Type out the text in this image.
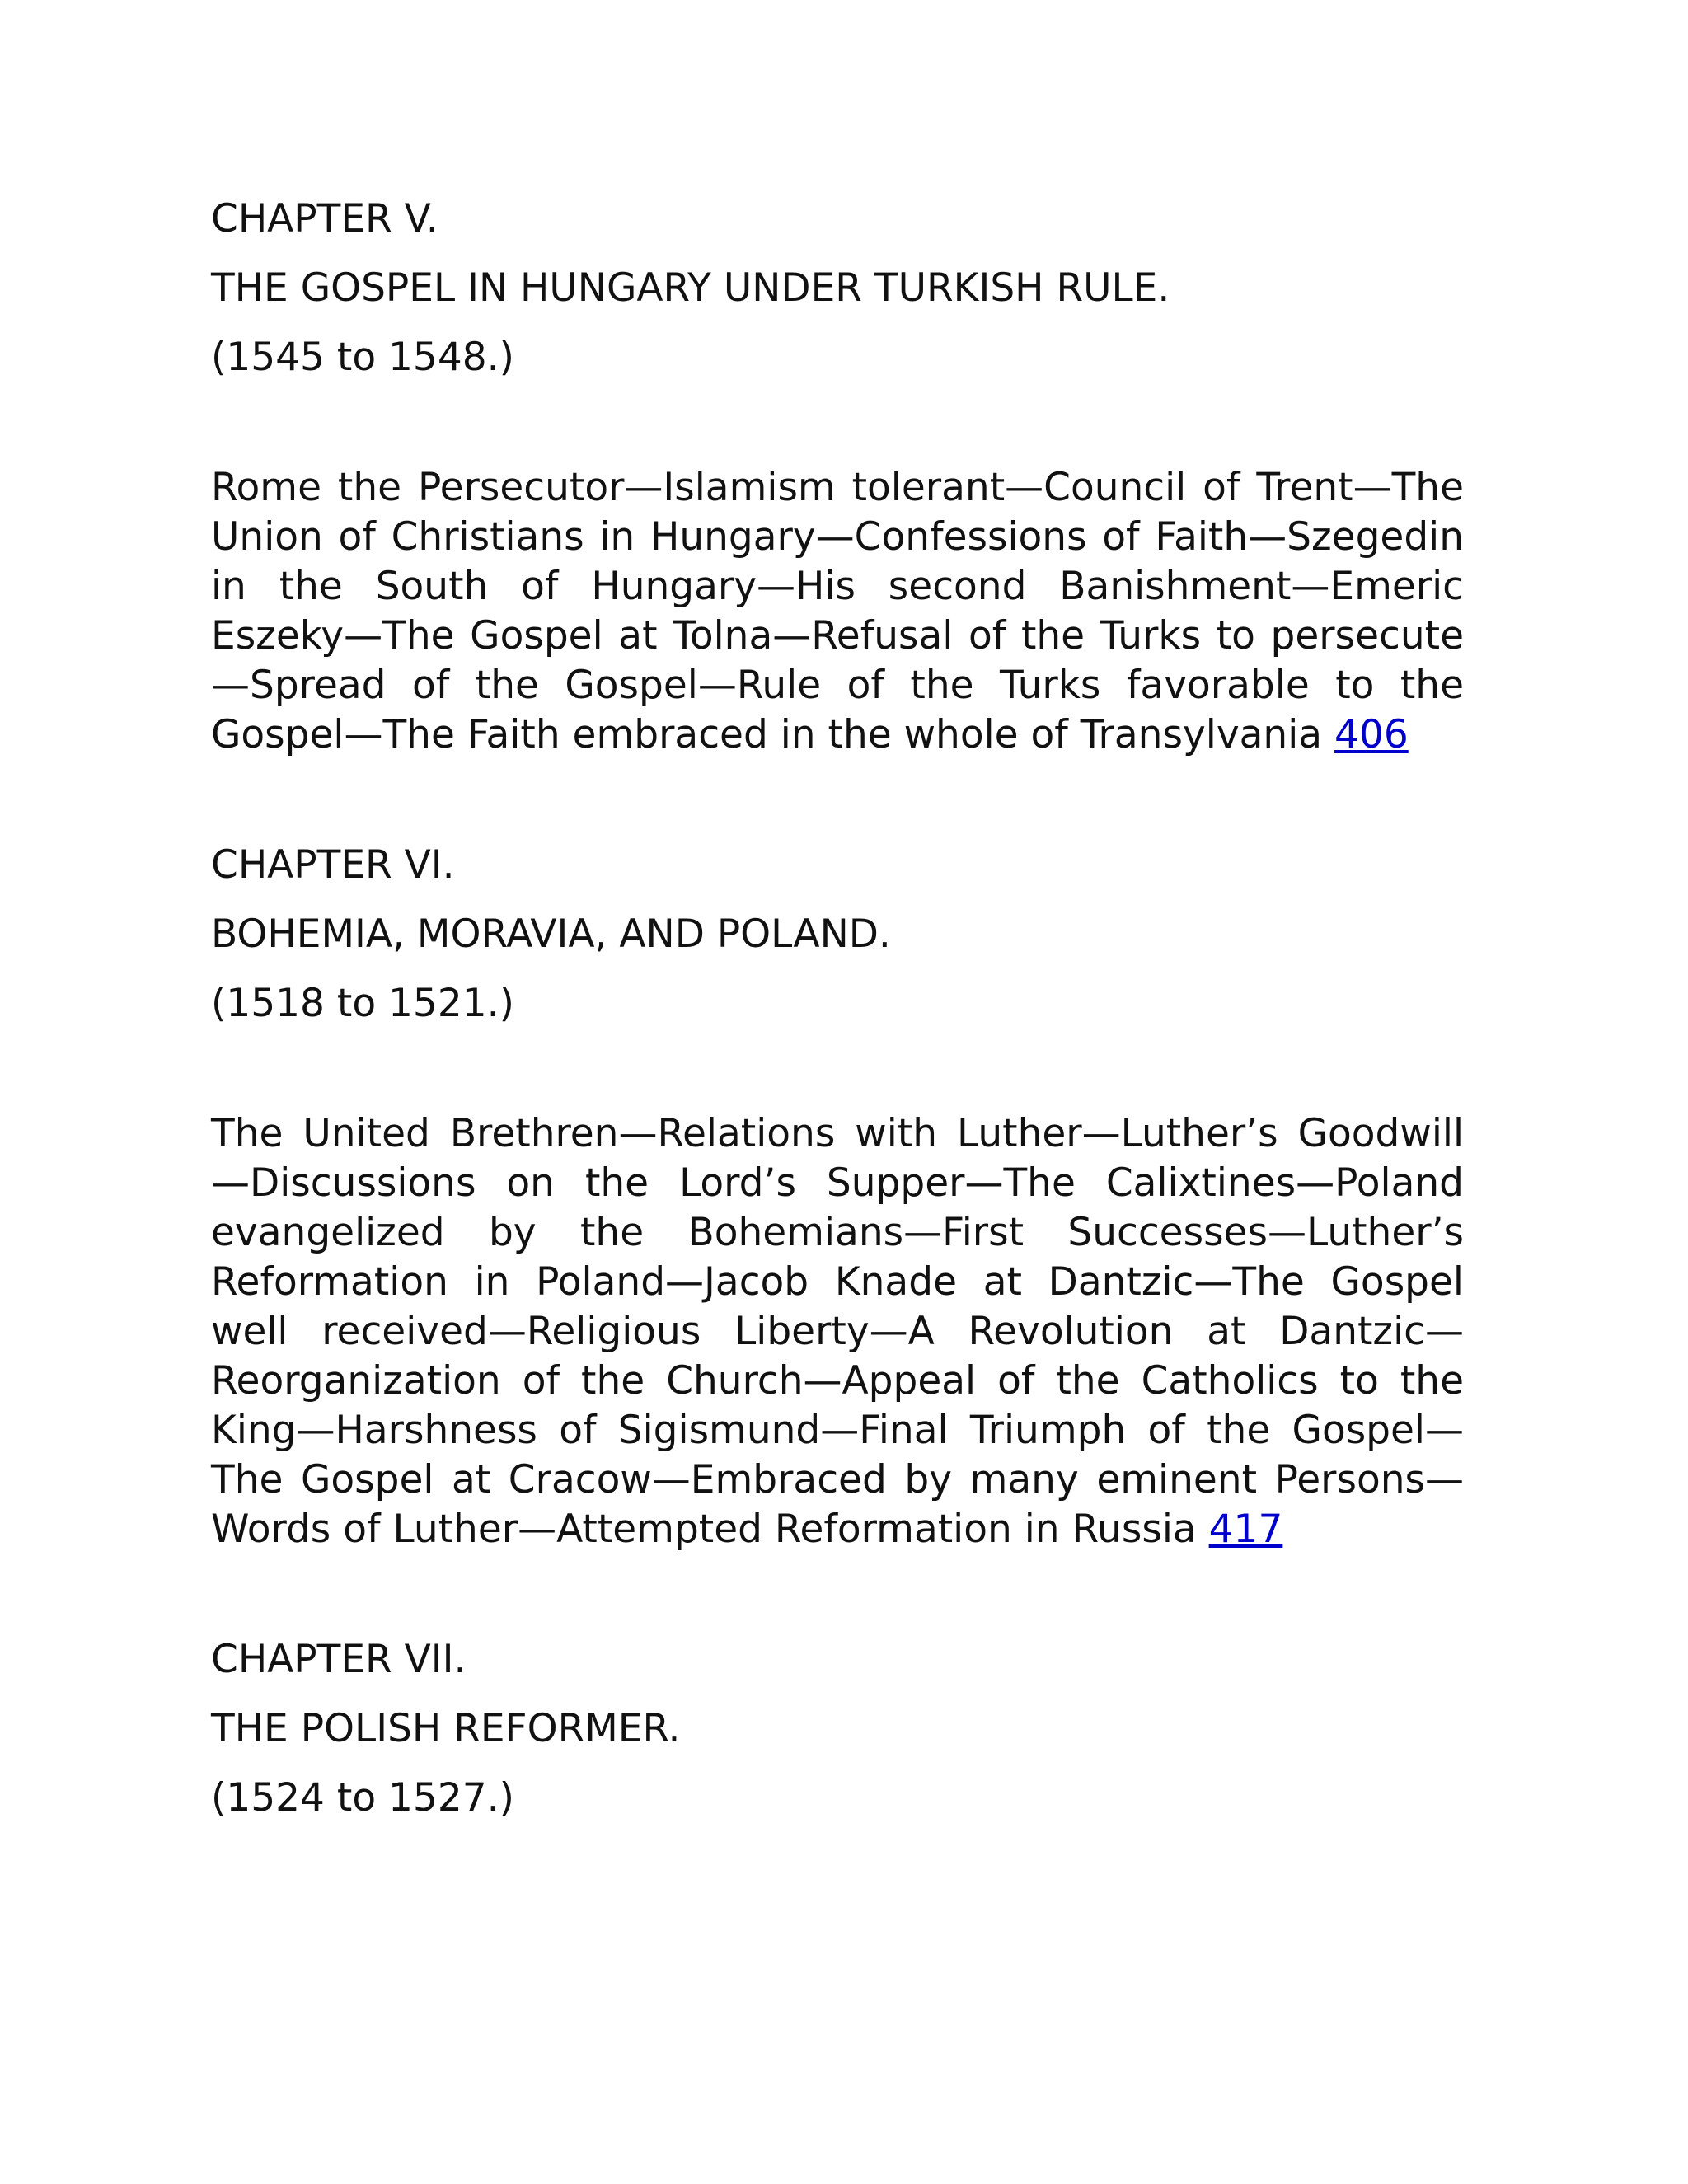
CHAPTER V.

THE GOSPEL IN HUNGARY UNDER TURKISH RULE.

(1545 to 1548.)

Rome the Persecutor—Islamism tolerant—Council of Trent—The Union of Christians in Hungary—Confessions of Faith—Szegedin in the South of Hungary—His second Banishment—Emeric Eszeky—The Gospel at Tolna—Refusal of the Turks to persecute—Spread of the Gospel—Rule of the Turks favorable to the Gospel—The Faith embraced in the whole of Transylvania 406

CHAPTER VI.

BOHEMIA, MORAVIA, AND POLAND.

(1518 to 1521.)

The United Brethren—Relations with Luther—Luther’s Goodwill—Discussions on the Lord’s Supper—The Calixtines—Poland evangelized by the Bohemians—First Successes—Luther’s Reformation in Poland—Jacob Knade at Dantzic—The Gospel well received—Religious Liberty—A Revolution at Dantzic—Reorganization of the Church—Appeal of the Catholics to the King—Harshness of Sigismund—Final Triumph of the Gospel—The Gospel at Cracow—Embraced by many eminent Persons—Words of Luther—Attempted Reformation in Russia 417

CHAPTER VII.

THE POLISH REFORMER.

(1524 to 1527.)
